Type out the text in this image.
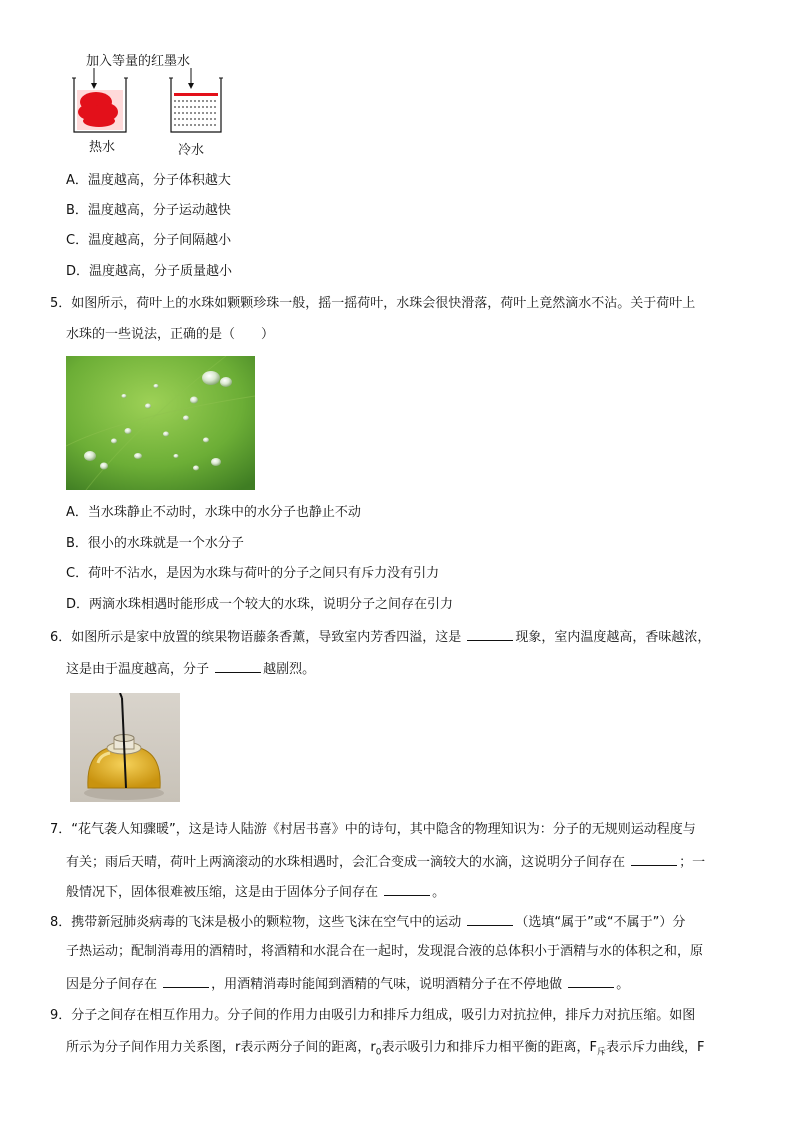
加入等量的红墨水
热水	冷水
A．温度越高，分子体积越大
B．温度越高，分子运动越快
C．温度越高，分子间隔越小
D．温度越高，分子质量越小
5．如图所示，荷叶上的水珠如颗颗珍珠一般，摇一摇荷叶，水珠会很快滑落，荷叶上竟然滴水不沾。关于荷叶上
水珠的一些说法，正确的是（　　）
A．当水珠静止不动时，水珠中的水分子也静止不动
B．很小的水珠就是一个水分子
C．荷叶不沾水，是因为水珠与荷叶的分子之间只有斥力没有引力
D．两滴水珠相遇时能形成一个较大的水珠，说明分子之间存在引力
6．如图所示是家中放置的缤果物语藤条香薰，导致室内芳香四溢，这是	现象，室内温度越高，香味越浓，
这是由于温度越高，分子	越剧烈。
7．“花气袭人知骤暖”，这是诗人陆游《村居书喜》中的诗句，其中隐含的物理知识为：分子的无规则运动程度与
有关；雨后天晴，荷叶上两滴滚动的水珠相遇时，会汇合变成一滴较大的水滴，这说明分子间存在	；一
般情况下，固体很难被压缩，这是由于固体分子间存在	。
8．携带新冠肺炎病毒的飞沫是极小的颗粒物，这些飞沫在空气中的运动	（选填“属于”或“不属于”）分
子热运动；配制消毒用的酒精时，将酒精和水混合在一起时，发现混合液的总体积小于酒精与水的体积之和，原
因是分子间存在	，用酒精消毒时能闻到酒精的气味，说明酒精分子在不停地做	。
9．分子之间存在相互作用力。分子间的作用力由吸引力和排斥力组成，吸引力对抗拉伸，排斥力对抗压缩。如图
所示为分子间作用力关系图，r表示两分子间的距离，$r_0$表示吸引力和排斥力相平衡的距离，$F_斥$表示斥力曲线，F
